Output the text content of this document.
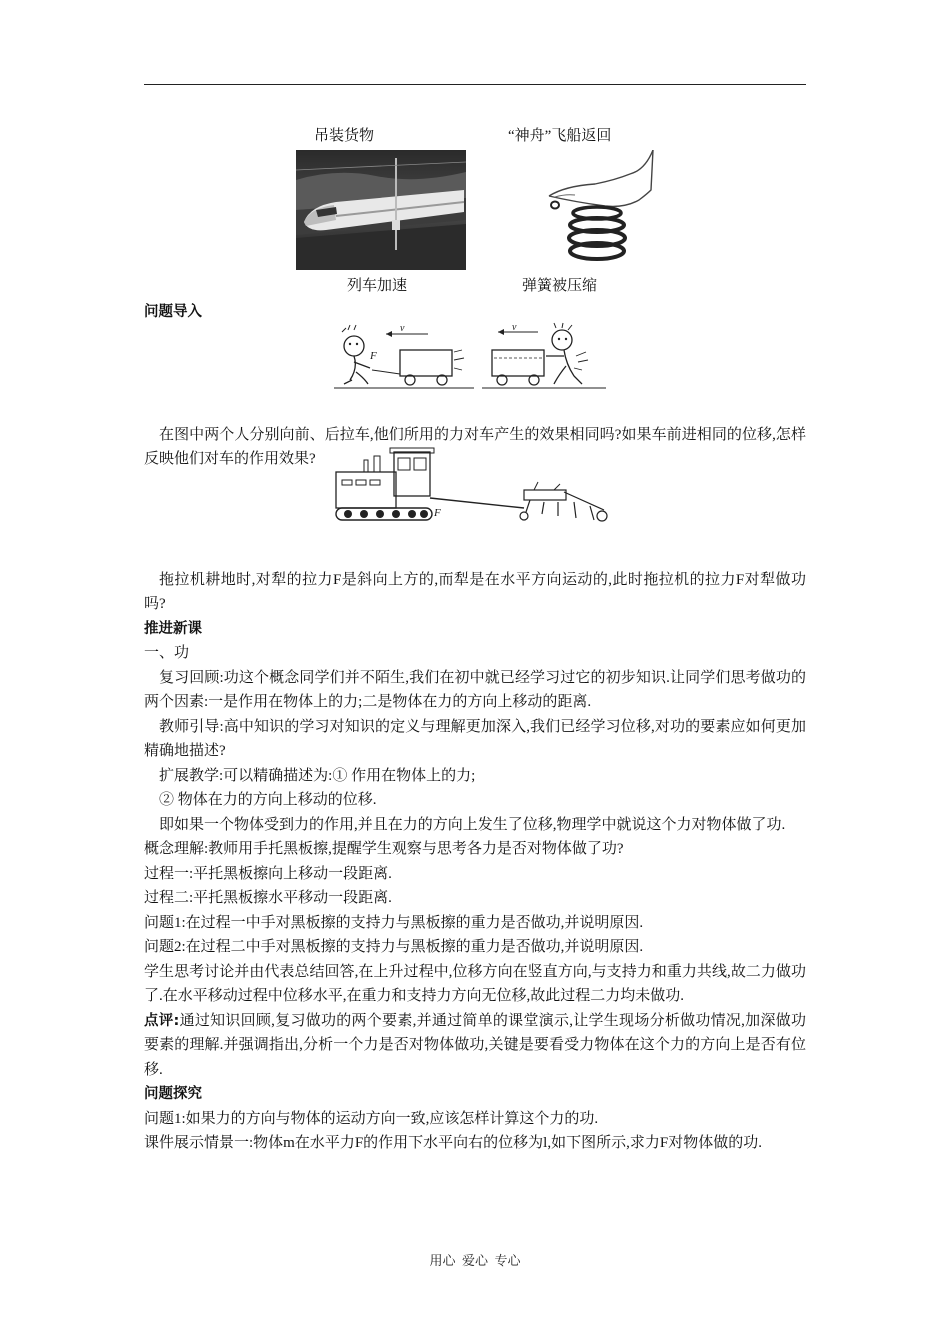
吊装货物	“神舟”飞船返回
列车加速	弹簧被压缩
F
v	v
F

问题导入

在图中两个人分别向前、后拉车,他们所用的力对车产生的效果相同吗?如果车前进相同的位移,怎样反映他们对车的作用效果?

拖拉机耕地时,对犁的拉力F是斜向上方的,而犁是在水平方向运动的,此时拖拉机的拉力F对犁做功吗?

推进新课

一、功

复习回顾:功这个概念同学们并不陌生,我们在初中就已经学习过它的初步知识.让同学们思考做功的两个因素:一是作用在物体上的力;二是物体在力的方向上移动的距离.

教师引导:高中知识的学习对知识的定义与理解更加深入,我们已经学习位移,对功的要素应如何更加精确地描述?

扩展教学:可以精确描述为:① 作用在物体上的力;

② 物体在力的方向上移动的位移.

即如果一个物体受到力的作用,并且在力的方向上发生了位移,物理学中就说这个力对物体做了功.

概念理解:教师用手托黑板擦,提醒学生观察与思考各力是否对物体做了功?

过程一:平托黑板擦向上移动一段距离.

过程二:平托黑板擦水平移动一段距离.

问题1:在过程一中手对黑板擦的支持力与黑板擦的重力是否做功,并说明原因.

问题2:在过程二中手对黑板擦的支持力与黑板擦的重力是否做功,并说明原因.

学生思考讨论并由代表总结回答,在上升过程中,位移方向在竖直方向,与支持力和重力共线,故二力做功了.在水平移动过程中位移水平,在重力和支持力方向无位移,故此过程二力均未做功.

点评:通过知识回顾,复习做功的两个要素,并通过简单的课堂演示,让学生现场分析做功情况,加深做功要素的理解.并强调指出,分析一个力是否对物体做功,关键是要看受力物体在这个力的方向上是否有位移.

问题探究

问题1:如果力的方向与物体的运动方向一致,应该怎样计算这个力的功.

课件展示情景一:物体m在水平力F的作用下水平向右的位移为l,如下图所示,求力F对物体做的功.

用心  爱心  专心
